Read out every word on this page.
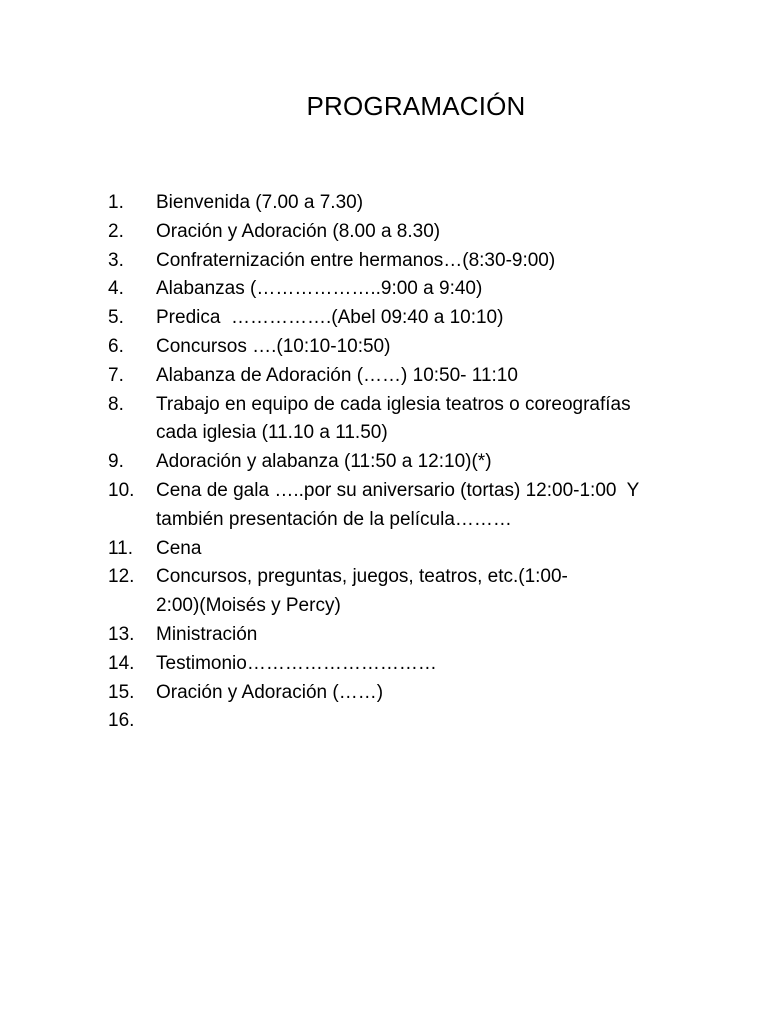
PROGRAMACIÓN
1.	Bienvenida (7.00 a 7.30)
2.	Oración y Adoración (8.00 a 8.30)
3.	Confraternización entre hermanos…(8:30-9:00)
4.	Alabanzas (………………..9:00 a 9:40)
5.	Predica  …………….(Abel 09:40 a 10:10)
6.	Concursos ….(10:10-10:50)
7.	Alabanza de Adoración (……) 10:50- 11:10
8.	Trabajo en equipo de cada iglesia teatros o coreografías
cada iglesia (11.10 a 11.50)
9.	Adoración y alabanza (11:50 a 12:10)(*)
10.	Cena de gala …..por su aniversario (tortas) 12:00-1:00  Y
también presentación de la película………
11.	Cena
12.	Concursos, preguntas, juegos, teatros, etc.(1:00-
2:00)(Moisés y Percy)
13.	Ministración
14.	Testimonio…………………………
15.	Oración y Adoración (……)
16.
